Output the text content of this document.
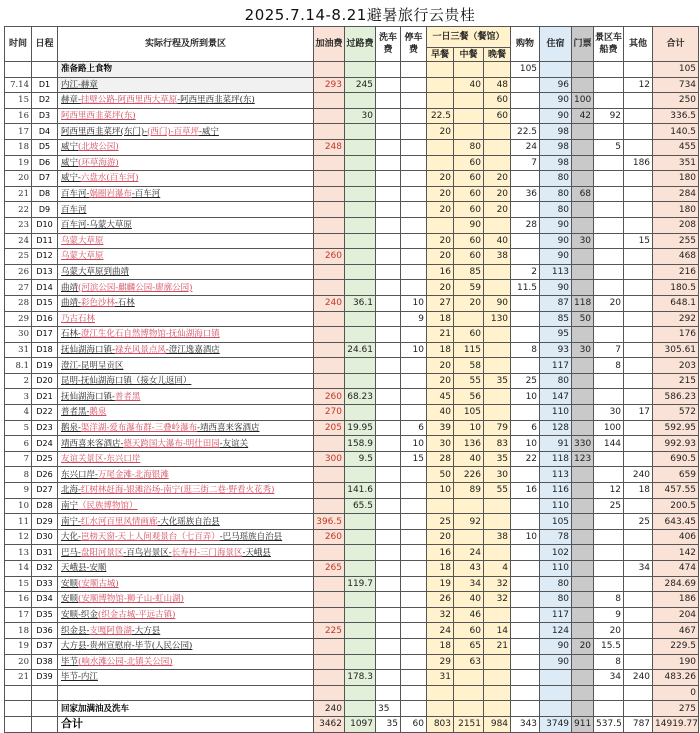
2025.7.14-8.21避暑旅行云贵桂
时间	日程	实际行程及所到景区	加油费	过路费	洗车费	停车费	一日三餐（餐馆）			购物	住宿	门票	景区车船费	其他	合计
							早餐	中餐	晚餐						
		准备路上食物								105					105
7.14	D1	内江-赫章	293	245				40	48		96			12	734
15	D2	赫章-挂壁公路-阿西里西大草原-阿西里西韭菜坪(东)							60		90	100			250
16	D3	阿西里西韭菜坪(东)		30			22.5		60		90	42	92		336.5
17	D4	阿西里西韭菜坪(东门)-(西门)-百草坪-威宁					20			22.5	98				140.5
18	D5	威宁(北坡公园)	248					80		24	98		5		455
19	D6	威宁(环草海游)						60		7	98			186	351
20	D7	威宁-六盘水(百车河)					20	60	20		80				180
21	D8	百车河-娲圈岩瀑布-百车河					20	60	20	36	80	68			284
22	D9	百车河					20	60	20		80				180
23	D10	百车河-乌蒙大草原						90		28	90				208
24	D11	乌蒙大草原					20	60	40		90	30		15	255
25	D12	乌蒙大草原	260				20	60	38		90				468
26	D13	乌蒙大草原到曲靖					16	85		2	113				216
27	D14	曲靖(河滨公园-麒麟公园-廖廓公园)					20	59		11.5	90				180.5
28	D15	曲靖-彩色沙林-石林	240	36.1		10	27	20	90		87	118	20		648.1
29	D16	乃古石林				9	18		130		85	50			292
30	D17	石林-澄江生化石自然博物馆-抚仙湖海口镇					21	60			95				176
31	D18	抚仙湖海口镇-禄充风景点风-澄江逸嘉酒店		24.61		10	18	115		8	93	30	7		305.61
8.1	D19	澄江-昆明呈贡区					20	58			117		8		203
2	D20	昆明-抚仙湖海口镇（接女儿返回）					20	55	35	25	80				215
3	D21	抚仙湖海口镇-普者黑	260	68.23			45	56		10	147				586.23
4	D22	普者黑-鹅泉	270				40	105			110		30	17	572
5	D23	鹅泉-渠洋湖-爱布瀑布群-三叠岭瀑布-靖西喜来客酒店	205	19.95		6	39	10	79	6	128		100		592.95
6	D24	靖西喜来客酒店-德天跨国大瀑布-明仕田园-友谊关		158.9		10	30	136	83	10	91	330	144		992.93
7	D25	友谊关景区-东兴口岸	300	9.5		15	28	40	35	22	118	123			690.5
8	D26	东兴口岸-万尾金滩-北海银滩					50	226	30		113			240	659
9	D27	北海-红树林赶海-银滩浴场-南宁(逛三街二巷·野看火花秀)		141.6			10	89	55	16	116		12	18	457.55
10	D28	南宁（民族博物馆）		65.5							110		25		200.5
11	D29	南宁-红水河百里风情画廊-大化瑶族自治县	396.5				25	92			105			25	643.45
12	D30	大化-岜榜天窗-天上人间观景台（七百弄）-巴马瑶族自治县	260				20		38	10	78				406
13	D31	巴马-盘阳河景区-百鸟岩景区-长寿村-三门海景区-天峨县					16	24			102				142
14	D32	天峨县-安顺	265				18	43	4		110			34	474
15	D33	安顺(安顺古城)		119.7			19	34	32		80				284.69
16	D34	安顺(安顺博物馆-狮子山-虹山湖)					26	40	32		80		8		186
17	D35	安顺-织金(织金古城-平远古镇)					32	46			117		9		204
18	D36	织金县-支嘎阿鲁湖-大方县	225				24	60	14		124		20		467
19	D37	大方县-贵州宣慰府-毕节(人民公园)					18	65	21		90	20	15.5		229.5
20	D38	毕节(响水滩公园-北镇关公园)					29	63			90		8		190
21	D39	毕节-内江		178.3			31						34	240	483.26
															0
		回家加满油及洗车	240		35										275
		合计	3462	1097	35	60	803	2151	984	343	3749	911	537.5	787	14919.77
